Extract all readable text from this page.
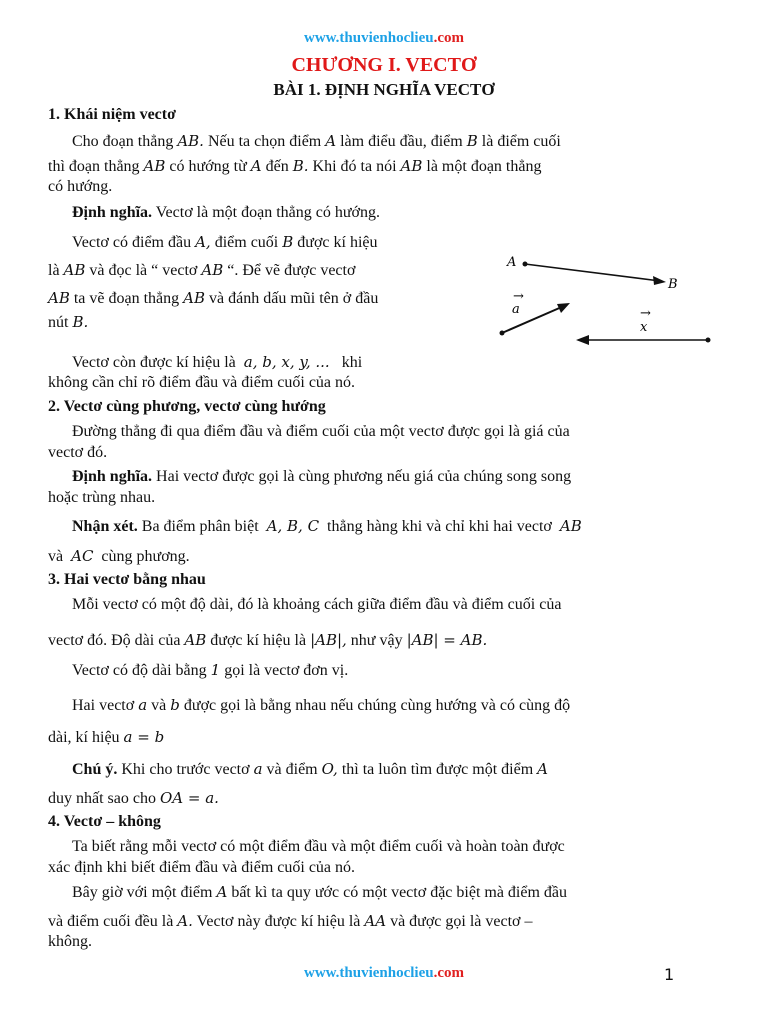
www.thuvienhoclieu.com
CHƯƠNG I. VECTƠ
BÀI 1. ĐỊNH NGHĨA VECTƠ
1. Khái niệm vectơ
Cho đoạn thẳng AB. Nếu ta chọn điểm A làm điểu đầu, điểm B là điểm cuối
thì đoạn thẳng AB có hướng từ A đến B. Khi đó ta nói AB là một đoạn thẳng
có hướng.
Định nghĩa. Vectơ là một đoạn thẳng có hướng.
Vectơ có điểm đầu A, điểm cuối B được kí hiệu
là AB và đọc là “ vectơ AB “. Để vẽ được vectơ
AB ta vẽ đoạn thẳng AB và đánh dấu mũi tên ở đầu
nút B.
Vectơ còn được kí hiệu là a, b, x, y, ... khi
không cần chỉ rõ điểm đầu và điểm cuối của nó.
A
B
a
→
x
→
2. Vectơ cùng phương, vectơ cùng hướng
Đường thẳng đi qua điểm đầu và điểm cuối của một vectơ được gọi là giá của
vectơ đó.
Định nghĩa. Hai vectơ được gọi là cùng phương nếu giá của chúng song song
hoặc trùng nhau.
Nhận xét. Ba điểm phân biệt A, B, C thẳng hàng khi và chỉ khi hai vectơ AB
và AC cùng phương.
3. Hai vectơ bằng nhau
Mỗi vectơ có một độ dài, đó là khoảng cách giữa điểm đầu và điểm cuối của
vectơ đó. Độ dài của AB được kí hiệu là |AB|, như vậy |AB| = AB.
Vectơ có độ dài bằng 1 gọi là vectơ đơn vị.
Hai vectơ a và b được gọi là bằng nhau nếu chúng cùng hướng và có cùng độ
dài, kí hiệu a = b
Chú ý. Khi cho trước vectơ a và điểm O, thì ta luôn tìm được một điểm A
duy nhất sao cho OA = a.
4. Vectơ – không
Ta biết rằng mỗi vectơ có một điểm đầu và một điểm cuối và hoàn toàn được
xác định khi biết điểm đầu và điểm cuối của nó.
Bây giờ với một điểm A bất kì ta quy ước có một vectơ đặc biệt mà điểm đầu
và điểm cuối đều là A. Vectơ này được kí hiệu là AA và được gọi là vectơ –
không.
www.thuvienhoclieu.com	1
